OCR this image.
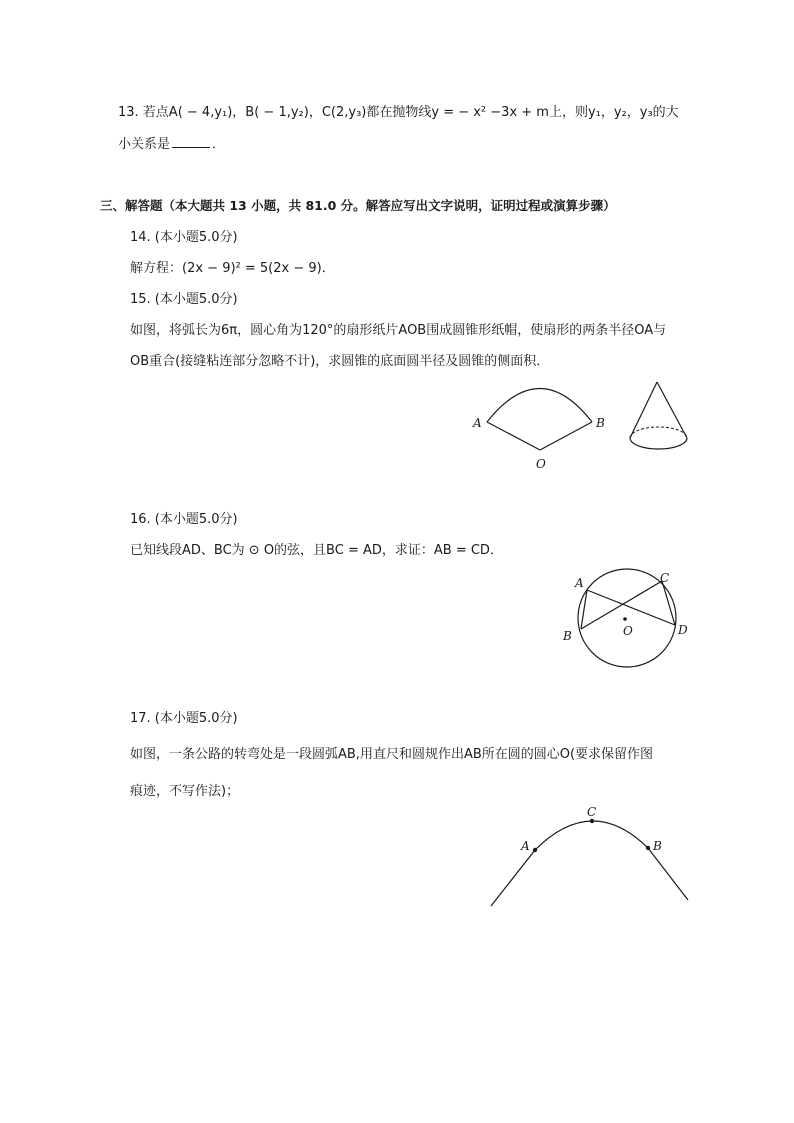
13. 若点A( − 4,y₁)，B( − 1,y₂)，C(2,y₃)都在抛物线y = − x² −3x + m上，则y₁，y₂，y₃的大
小关系是	．
三、解答题（本大题共 13 小题，共 81.0 分。解答应写出文字说明，证明过程或演算步骤）
14. (本小题5.0分)
解方程：(2x − 9)² = 5(2x − 9)．
15. (本小题5.0分)
如图，将弧长为6π，圆心角为120°的扇形纸片AOB围成圆锥形纸帽，使扇形的两条半径OA与
OB重合(接缝粘连部分忽略不计)，求圆锥的底面圆半径及圆锥的侧面积．
A	B
O
16. (本小题5.0分)
已知线段AD、BC为 ⊙ O的弦，且BC = AD，求证：AB = CD．
A
B
C
D
O
17. (本小题5.0分)
如图，一条公路的转弯处是一段圆弧AB,用直尺和圆规作出AB所在圆的圆心O(要求保留作图
痕迹，不写作法)；
A
C
B
